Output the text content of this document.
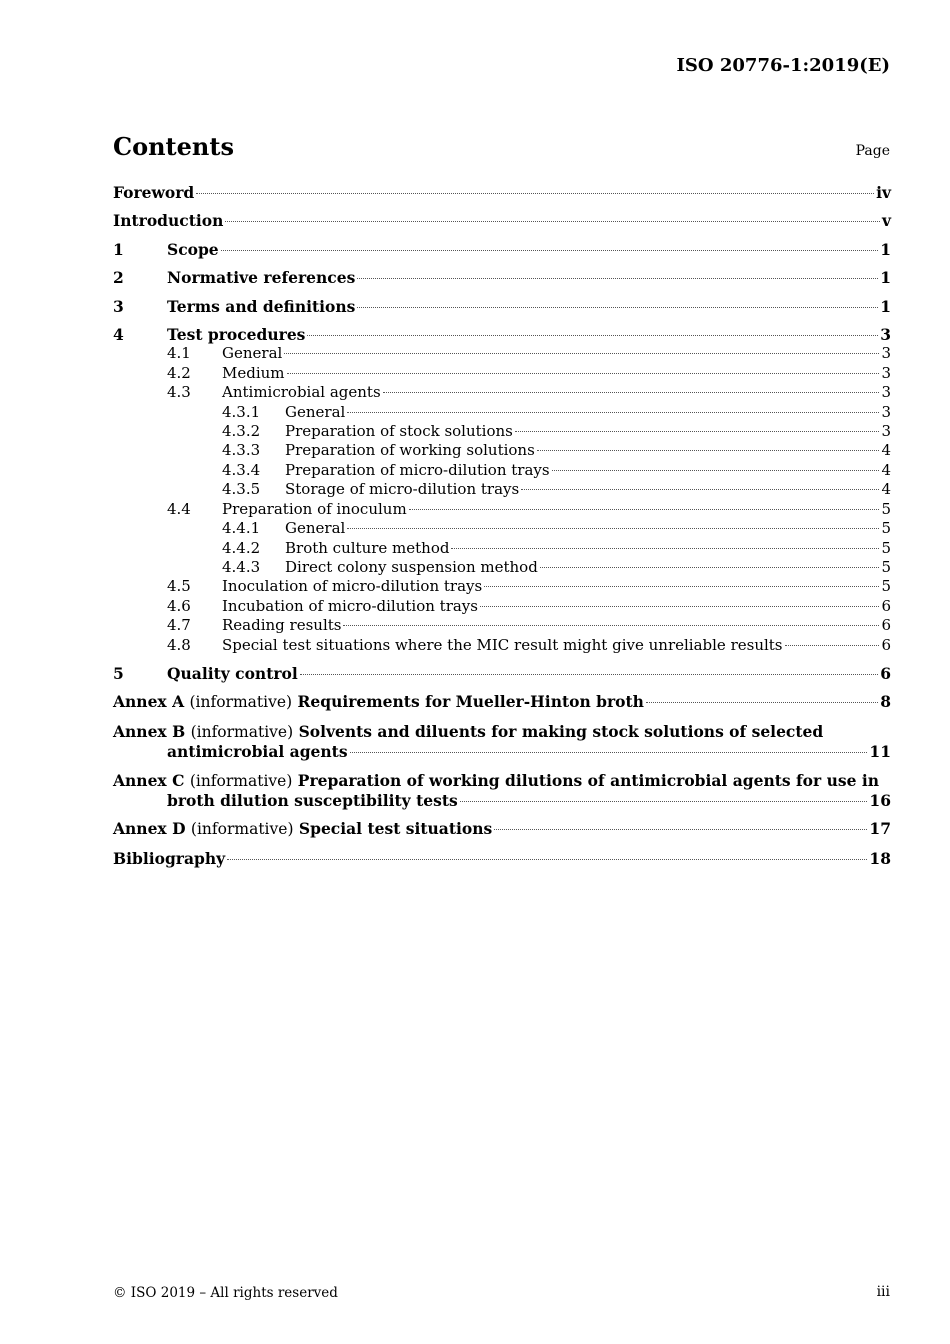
ISO 20776-1:2019(E)
Contents	Page
Foreword	iv
Introduction	v
1	Scope	1
2	Normative references	1
3	Terms and definitions	1
4	Test procedures	3
4.1	General	3
4.2	Medium	3
4.3	Antimicrobial agents	3
4.3.1	General	3
4.3.2	Preparation of stock solutions	3
4.3.3	Preparation of working solutions	4
4.3.4	Preparation of micro-dilution trays	4
4.3.5	Storage of micro-dilution trays	4
4.4	Preparation of inoculum	5
4.4.1	General	5
4.4.2	Broth culture method	5
4.4.3	Direct colony suspension method	5
4.5	Inoculation of micro-dilution trays	5
4.6	Incubation of micro-dilution trays	6
4.7	Reading results	6
4.8	Special test situations where the MIC result might give unreliable results	6
5	Quality control	6
Annex A (informative) Requirements for Mueller-Hinton broth	8
Annex B (informative) Solvents and diluents for making stock solutions of selected
antimicrobial agents	11
Annex C (informative) Preparation of working dilutions of antimicrobial agents for use in
broth dilution susceptibility tests	16
Annex D (informative) Special test situations	17
Bibliography	18
© ISO 2019 – All rights reserved	iii
